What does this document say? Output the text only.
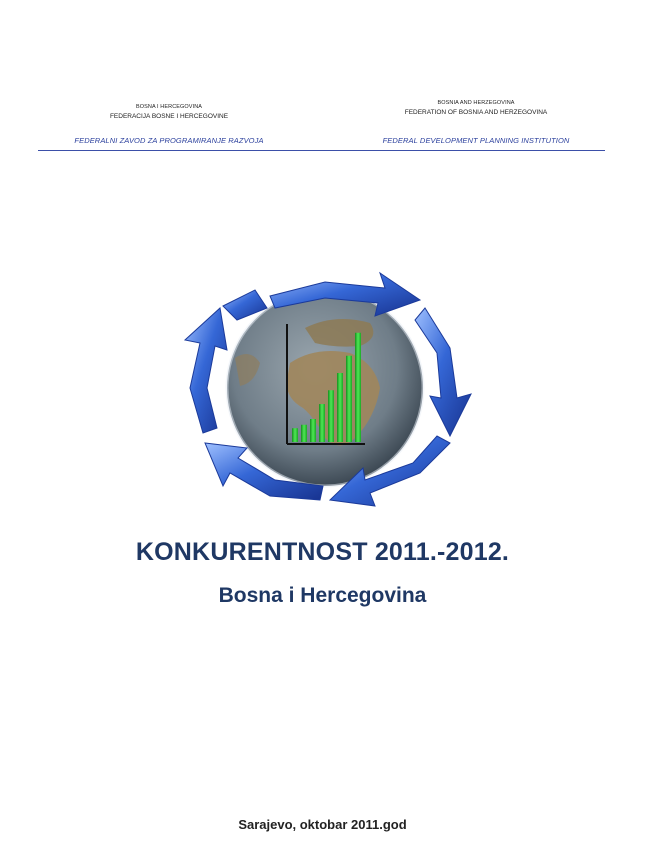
BOSNA I HERCEGOVINA
FEDERACIJA BOSNE I HERCEGOVINE
BOSNIA AND HERZEGOVINA
FEDERATION OF BOSNIA AND HERZEGOVINA
FEDERALNI ZAVOD ZA PROGRAMIRANJE RAZVOJA	FEDERAL DEVELOPMENT PLANNING INSTITUTION
KONKURENTNOST 2011.-2012.
Bosna i Hercegovina
Sarajevo, oktobar 2011.god
